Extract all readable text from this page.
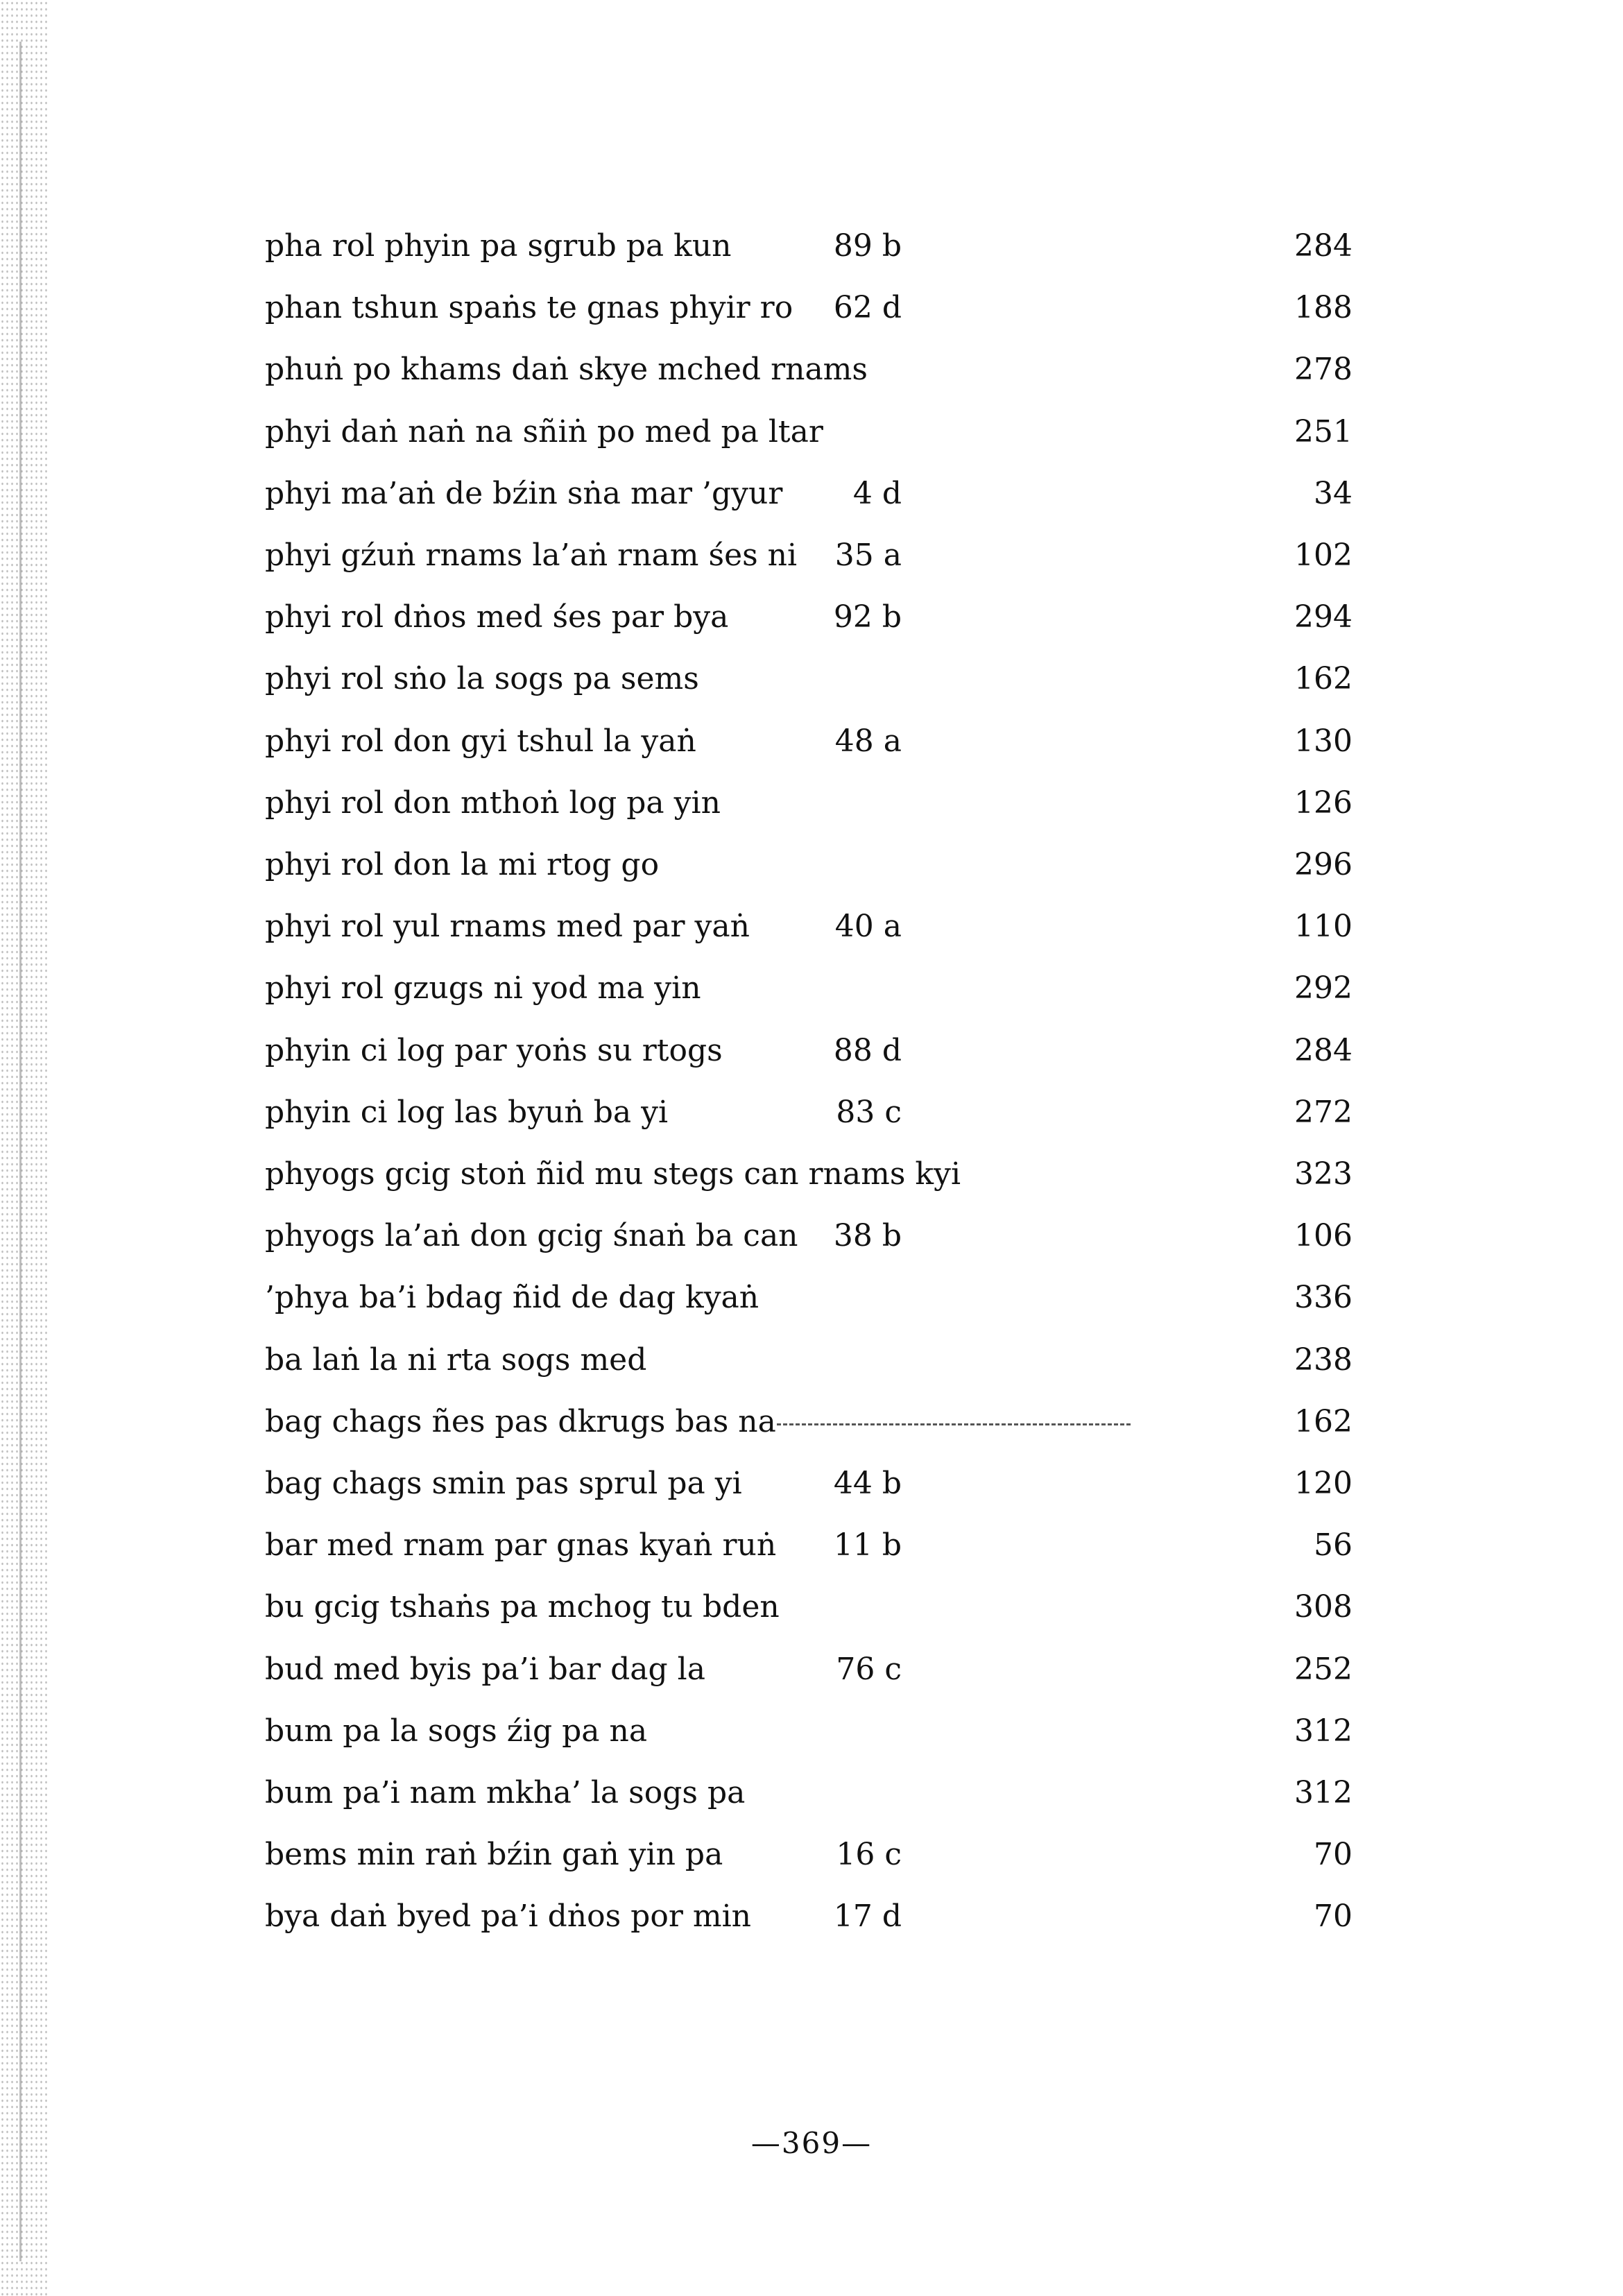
pha rol phyin pa sgrub pa kun	89 b	284
phan tshun spaṅs te gnas phyir ro	62 d	188
phuṅ po khams daṅ skye mched rnams	278
phyi daṅ naṅ na sñiṅ po med pa ltar	251
phyi ma’aṅ de bźin sṅa mar ’gyur	4 d	34
phyi gźuṅ rnams la’aṅ rnam śes ni	35 a	102
phyi rol dṅos med śes par bya	92 b	294
phyi rol sṅo la sogs pa sems	162
phyi rol don gyi tshul la yaṅ	48 a	130
phyi rol don mthoṅ log pa yin	126
phyi rol don la mi rtog go	296
phyi rol yul rnams med par yaṅ	40 a	110
phyi rol gzugs ni yod ma yin	292
phyin ci log par yoṅs su rtogs	88 d	284
phyin ci log las byuṅ ba yi	83 c	272
phyogs gcig stoṅ ñid mu stegs can rnams kyi	323
phyogs la’aṅ don gcig śnaṅ ba can	38 b	106
’phya ba’i bdag ñid de dag kyaṅ	336
ba laṅ la ni rta sogs med	238
bag chags ñes pas dkrugs bas na	162
bag chags smin pas sprul pa yi	44 b	120
bar med rnam par gnas kyaṅ ruṅ	11 b	56
bu gcig tshaṅs pa mchog tu bden	308
bud med byis pa’i bar dag la	76 c	252
bum pa la sogs źig pa na	312
bum pa’i nam mkha’ la sogs pa	312
bems min raṅ bźin gaṅ yin pa	16 c	70
bya daṅ byed pa’i dṅos por min	17 d	70
—369—
